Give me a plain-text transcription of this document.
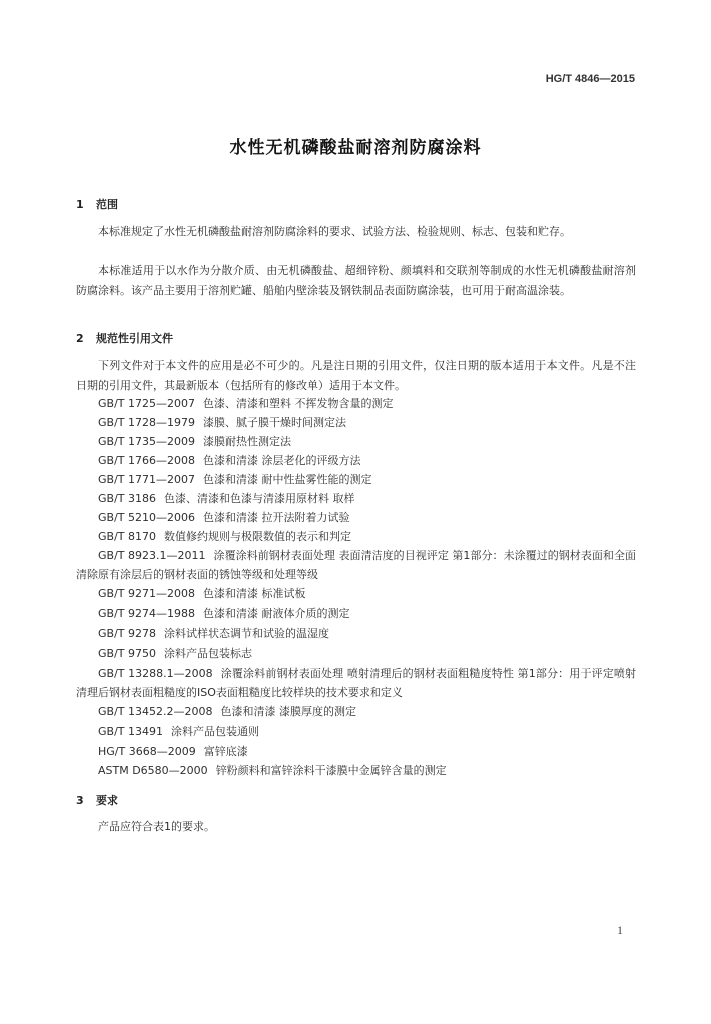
HG/T 4846—2015
水性无机磷酸盐耐溶剂防腐涂料
1 范围
本标准规定了水性无机磷酸盐耐溶剂防腐涂料的要求、试验方法、检验规则、标志、包装和贮存。
本标准适用于以水作为分散介质、由无机磷酸盐、超细锌粉、颜填料和交联剂等制成的水性无机磷酸盐耐溶剂防腐涂料。该产品主要用于溶剂贮罐、船舶内壁涂装及钢铁制品表面防腐涂装，也可用于耐高温涂装。
2 规范性引用文件
下列文件对于本文件的应用是必不可少的。凡是注日期的引用文件，仅注日期的版本适用于本文件。凡是不注日期的引用文件，其最新版本（包括所有的修改单）适用于本文件。
GB/T 1725—2007 色漆、清漆和塑料 不挥发物含量的测定
GB/T 1728—1979 漆膜、腻子膜干燥时间测定法
GB/T 1735—2009 漆膜耐热性测定法
GB/T 1766—2008 色漆和清漆 涂层老化的评级方法
GB/T 1771—2007 色漆和清漆 耐中性盐雾性能的测定
GB/T 3186 色漆、清漆和色漆与清漆用原材料 取样
GB/T 5210—2006 色漆和清漆 拉开法附着力试验
GB/T 8170 数值修约规则与极限数值的表示和判定
GB/T 8923.1—2011 涂覆涂料前钢材表面处理 表面清洁度的目视评定 第1部分：未涂覆过的钢材表面和全面清除原有涂层后的钢材表面的锈蚀等级和处理等级
GB/T 9271—2008 色漆和清漆 标准试板
GB/T 9274—1988 色漆和清漆 耐液体介质的测定
GB/T 9278 涂料试样状态调节和试验的温湿度
GB/T 9750 涂料产品包装标志
GB/T 13288.1—2008 涂覆涂料前钢材表面处理 喷射清理后的钢材表面粗糙度特性 第1部分：用于评定喷射清理后钢材表面粗糙度的ISO表面粗糙度比较样块的技术要求和定义
GB/T 13452.2—2008 色漆和清漆 漆膜厚度的测定
GB/T 13491 涂料产品包装通则
HG/T 3668—2009 富锌底漆
ASTM D6580—2000 锌粉颜料和富锌涂料干漆膜中金属锌含量的测定
3 要求
产品应符合表1的要求。
1
